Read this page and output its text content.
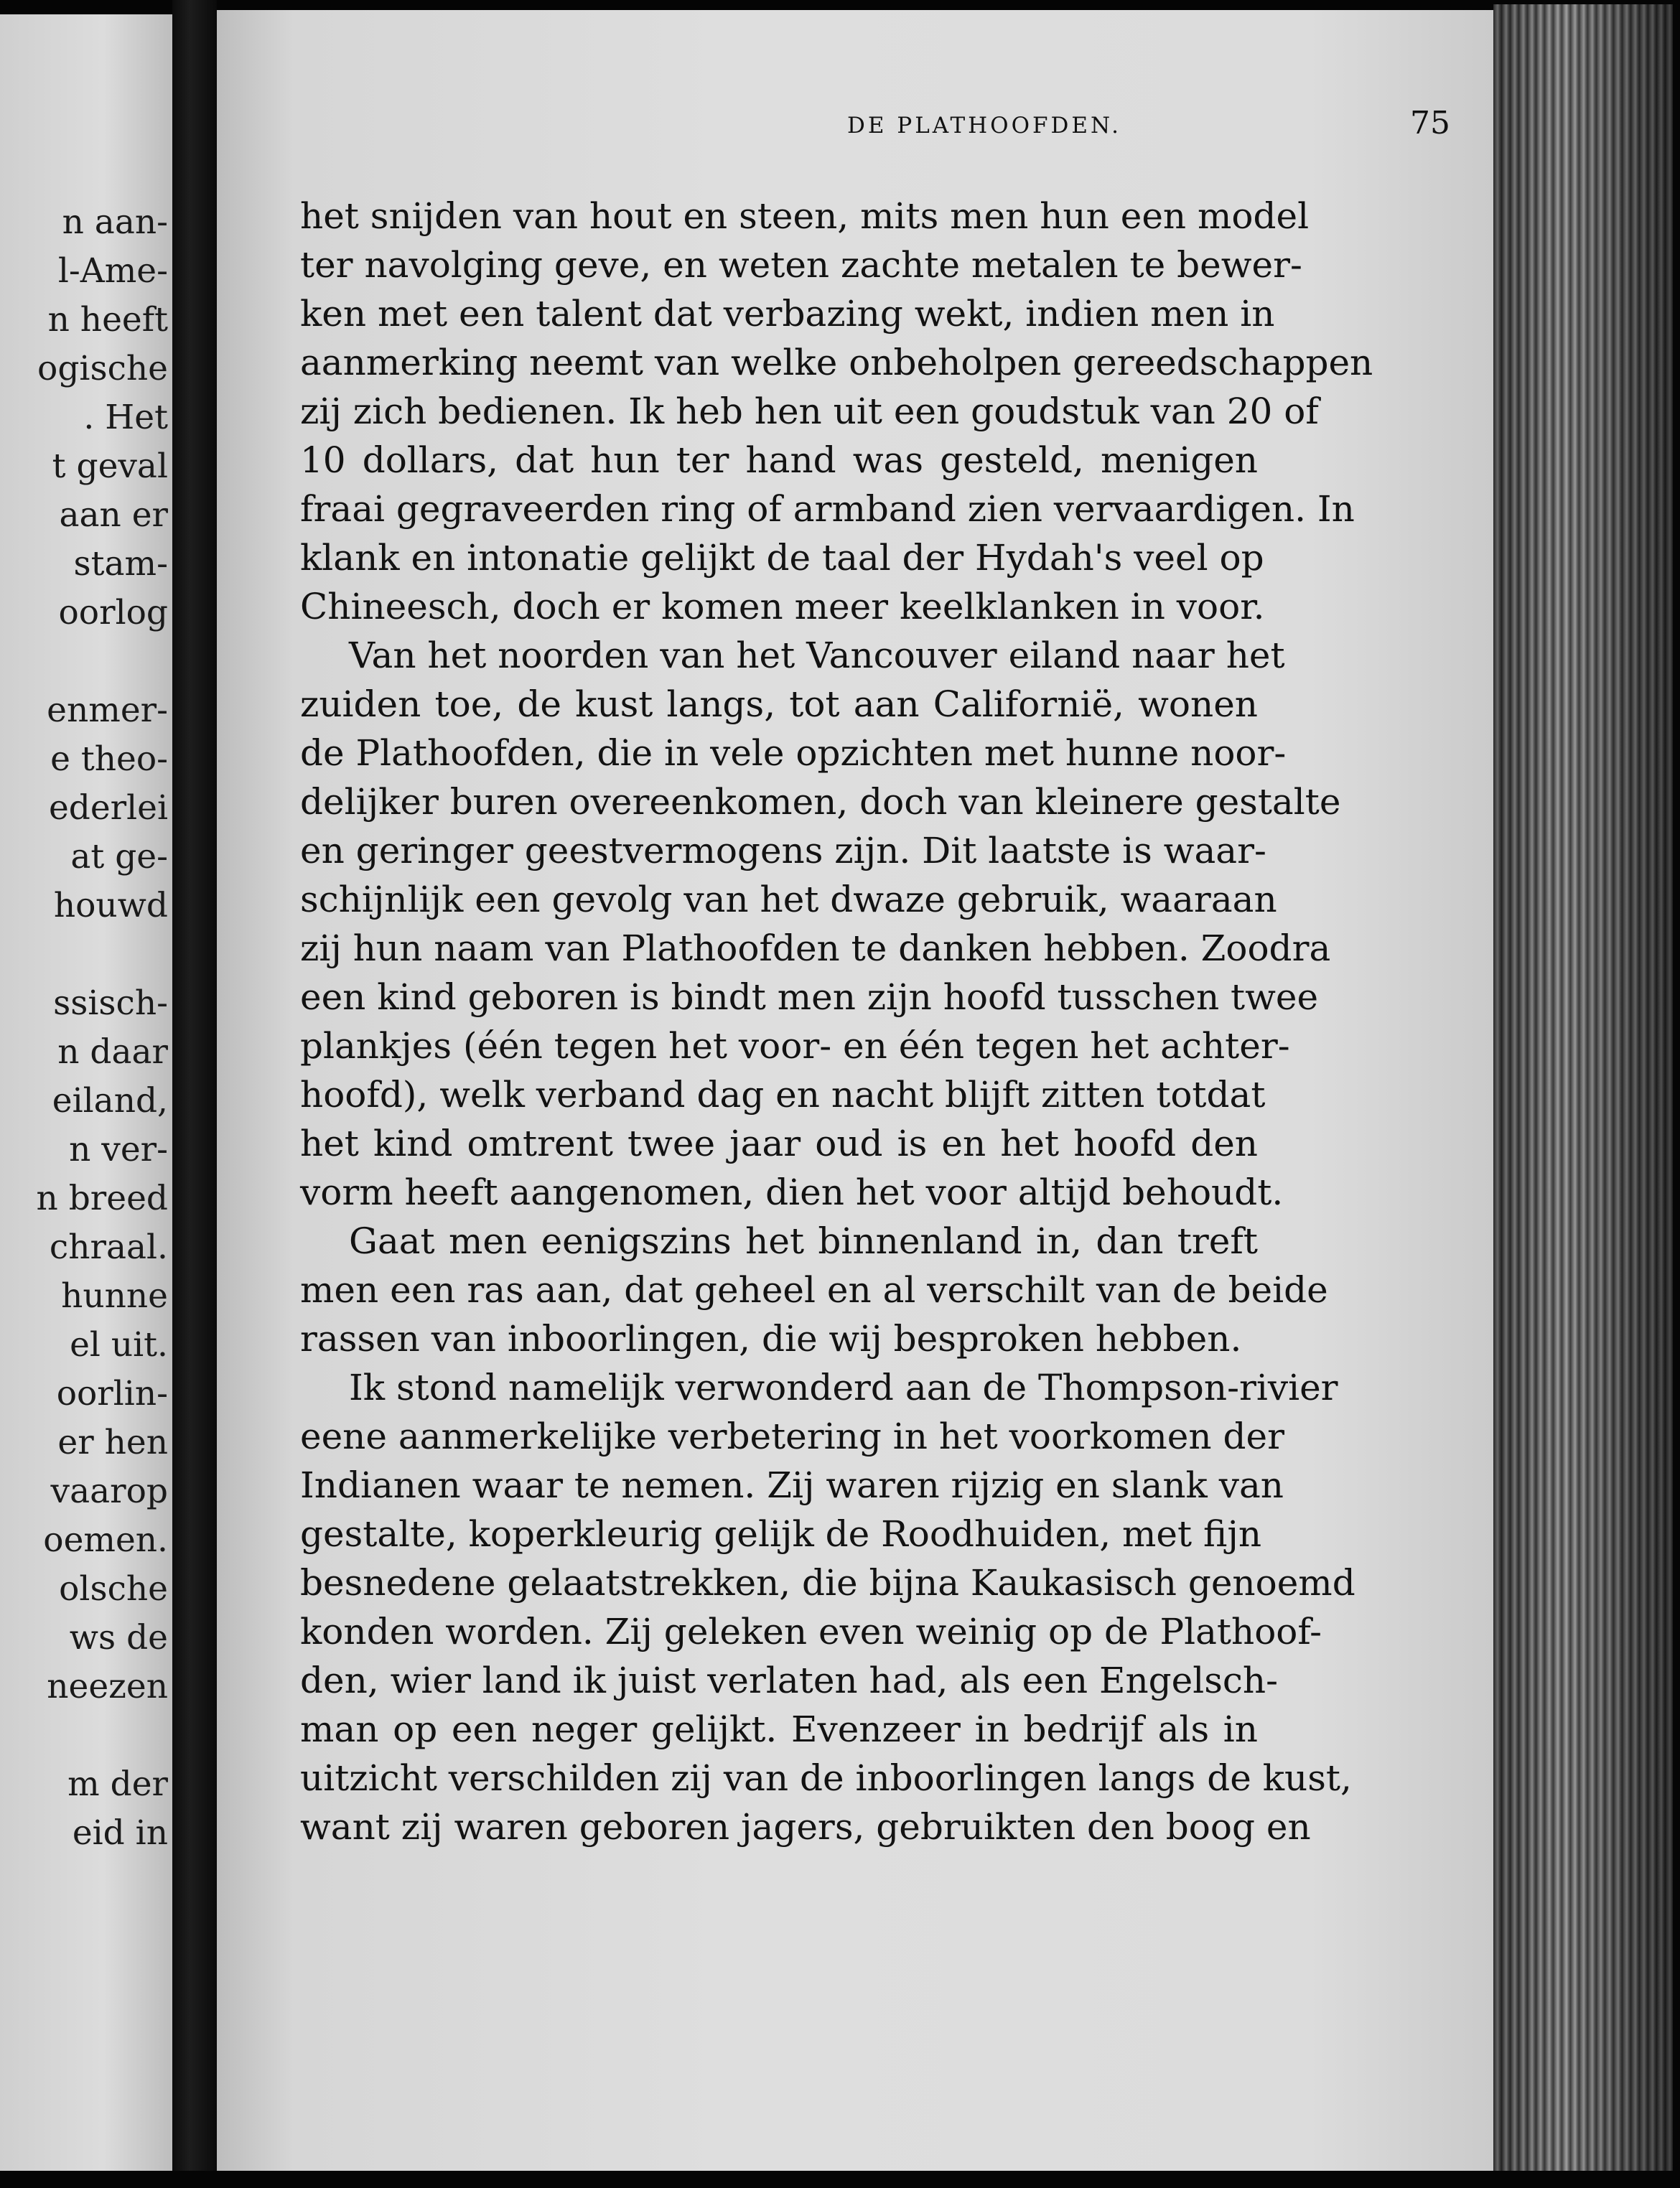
n aan-
l-Ame-
n heeft
ogische
. Het
t geval
aan er
stam-
oorlog
enmer-
e theo-
ederlei
at ge-
houwd
ssisch-
n daar
eiland,
n ver-
n breed
chraal.
hunne
el uit.
oorlin-
er hen
vaarop
oemen.
olsche
ws de
neezen
m der
eid in
DE PLATHOOFDEN.	75
het snijden van hout en steen, mits men hun een model
ter navolging geve, en weten zachte metalen te bewer-
ken met een talent dat verbazing wekt, indien men in
aanmerking neemt van welke onbeholpen gereedschappen
zij zich bedienen. Ik heb hen uit een goudstuk van 20 of
10 dollars, dat hun ter hand was gesteld, menigen
fraai gegraveerden ring of armband zien vervaardigen. In
klank en intonatie gelijkt de taal der Hydah's veel op
Chineesch, doch er komen meer keelklanken in voor.
Van het noorden van het Vancouver eiland naar het
zuiden toe, de kust langs, tot aan Californië, wonen
de Plathoofden, die in vele opzichten met hunne noor-
delijker buren overeenkomen, doch van kleinere gestalte
en geringer geestvermogens zijn. Dit laatste is waar-
schijnlijk een gevolg van het dwaze gebruik, waaraan
zij hun naam van Plathoofden te danken hebben. Zoodra
een kind geboren is bindt men zijn hoofd tusschen twee
plankjes (één tegen het voor- en één tegen het achter-
hoofd), welk verband dag en nacht blijft zitten totdat
het kind omtrent twee jaar oud is en het hoofd den
vorm heeft aangenomen, dien het voor altijd behoudt.
Gaat men eenigszins het binnenland in, dan treft
men een ras aan, dat geheel en al verschilt van de beide
rassen van inboorlingen, die wij besproken hebben.
Ik stond namelijk verwonderd aan de Thompson-rivier
eene aanmerkelijke verbetering in het voorkomen der
Indianen waar te nemen. Zij waren rijzig en slank van
gestalte, koperkleurig gelijk de Roodhuiden, met fijn
besnedene gelaatstrekken, die bijna Kaukasisch genoemd
konden worden. Zij geleken even weinig op de Plathoof-
den, wier land ik juist verlaten had, als een Engelsch-
man op een neger gelijkt. Evenzeer in bedrijf als in
uitzicht verschilden zij van de inboorlingen langs de kust,
want zij waren geboren jagers, gebruikten den boog en
